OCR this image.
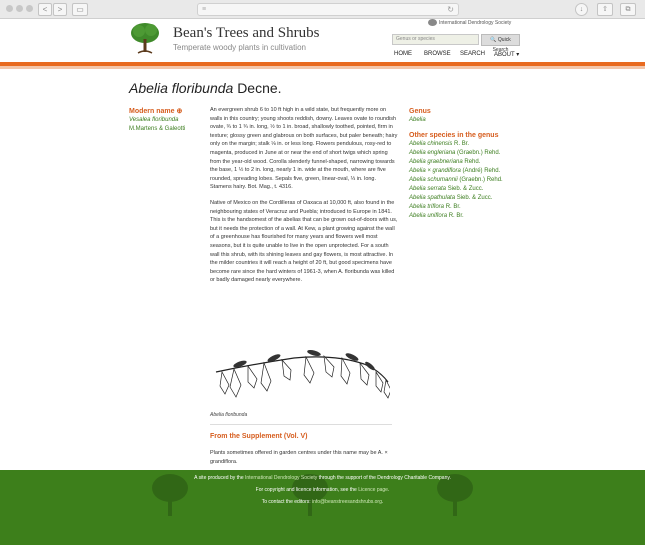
<	>	▭	≡	↻	↓	⇧	⧉
Bean's Trees and Shrubs
Temperate woody plants in cultivation
International Dendrology Society
Genus or species	🔍 Quick Search
HOME BROWSE SEARCH ABOUT ▾
Abelia floribunda Decne.
Modern name ⊕
Vesalea floribunda
M.Martens & Galeotti

An evergreen shrub 6 to 10 ft high in a wild state, but frequently more on walls in this country; young shoots reddish, downy. Leaves ovate to roundish ovate, ¾ to 1 ¾ in. long, ½ to 1 in. broad, shallowly toothed, pointed, firm in texture; glossy green and glabrous on both surfaces, but paler beneath; hairy only on the margin; stalk ⅛ in. or less long. Flowers pendulous, rosy-red to magenta, produced in June at or near the end of short twigs which spring from the year-old wood. Corolla slenderly funnel-shaped, narrowing towards the base, 1 ½ to 2 in. long, nearly 1 in. wide at the mouth, where are five rounded, spreading lobes. Sepals five, green, linear-oval, ⅓ in. long. Stamens hairy. Bot. Mag., t. 4316.

Native of Mexico on the Cordilleras of Oaxaca at 10,000 ft, also found in the neighbouring states of Veracruz and Puebla; introduced to Europe in 1841. This is the handsomest of the abelias that can be grown out-of-doors with us, but it needs the protection of a wall. At Kew, a plant growing against the wall of a greenhouse has flourished for many years and flowers well most seasons, but it is quite unable to live in the open unprotected. For a south wall this shrub, with its shining leaves and gay flowers, is most attractive. In the milder countries it will reach a height of 20 ft, but good specimens have become rare since the hard winters of 1961-3, when A. floribunda was killed or badly damaged nearly everywhere.

Genus
Abelia
Other species in the genus
Abelia chinensis R. Br.
Abelia engleriana (Graebn.) Rehd.
Abelia graebneriana Rehd.
Abelia × grandiflora (André) Rehd.
Abelia schumannii (Graebn.) Rehd.
Abelia serrata Sieb. & Zucc.
Abelia spathulata Sieb. & Zucc.
Abelia triflora R. Br.
Abelia uniflora R. Br.
Abelia floribunda
From the Supplement (Vol. V)
Plants sometimes offered in garden centres under this name may be A. × grandiflora.
A site produced by the International Dendrology Society through the support of the Dendrology Charitable Company.
For copyright and licence information, see the Licence page.
To contact the editors: info@beanstreesandshrubs.org.
